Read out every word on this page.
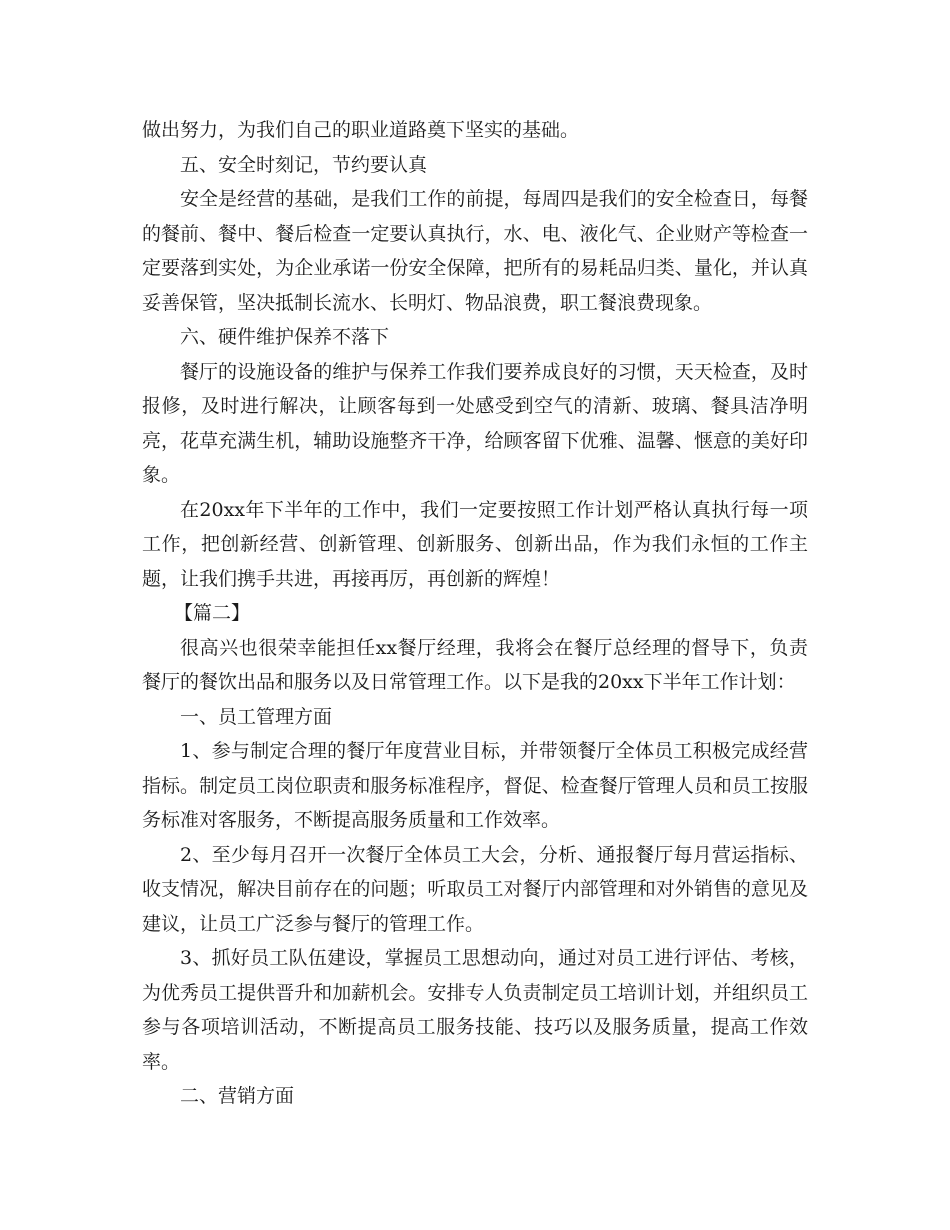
做出努力，为我们自己的职业道路奠下坚实的基础。

五、安全时刻记，节约要认真

安全是经营的基础，是我们工作的前提，每周四是我们的安全检查日，每餐的餐前、餐中、餐后检查一定要认真执行，水、电、液化气、企业财产等检查一定要落到实处，为企业承诺一份安全保障，把所有的易耗品归类、量化，并认真妥善保管，坚决抵制长流水、长明灯、物品浪费，职工餐浪费现象。

六、硬件维护保养不落下

餐厅的设施设备的维护与保养工作我们要养成良好的习惯，天天检查，及时报修，及时进行解决，让顾客每到一处感受到空气的清新、玻璃、餐具洁净明亮，花草充满生机，辅助设施整齐干净，给顾客留下优雅、温馨、惬意的美好印象。

在20xx年下半年的工作中，我们一定要按照工作计划严格认真执行每一项工作，把创新经营、创新管理、创新服务、创新出品，作为我们永恒的工作主题，让我们携手共进，再接再厉，再创新的辉煌！

【篇二】

很高兴也很荣幸能担任xx餐厅经理，我将会在餐厅总经理的督导下，负责餐厅的餐饮出品和服务以及日常管理工作。以下是我的20xx下半年工作计划：

一、员工管理方面

1、参与制定合理的餐厅年度营业目标，并带领餐厅全体员工积极完成经营指标。制定员工岗位职责和服务标准程序，督促、检查餐厅管理人员和员工按服务标准对客服务，不断提高服务质量和工作效率。

2、至少每月召开一次餐厅全体员工大会，分析、通报餐厅每月营运指标、收支情况，解决目前存在的问题；听取员工对餐厅内部管理和对外销售的意见及建议，让员工广泛参与餐厅的管理工作。

3、抓好员工队伍建设，掌握员工思想动向，通过对员工进行评估、考核，为优秀员工提供晋升和加薪机会。安排专人负责制定员工培训计划，并组织员工参与各项培训活动，不断提高员工服务技能、技巧以及服务质量，提高工作效率。

二、营销方面
